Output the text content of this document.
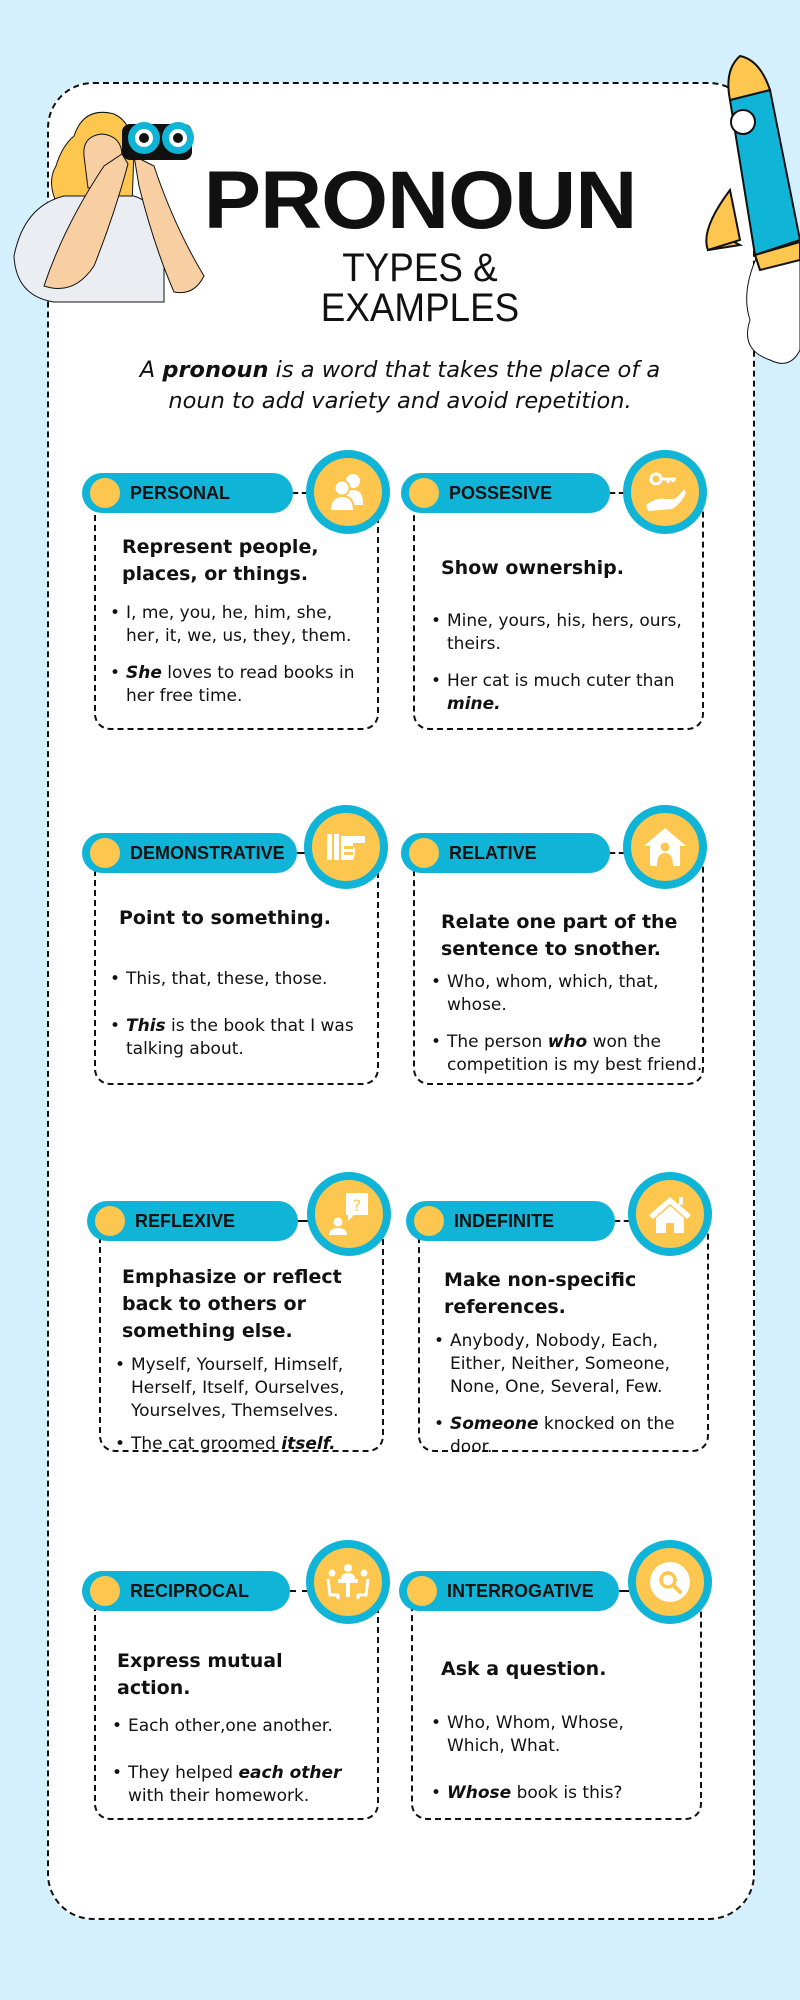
PRONOUN
TYPES & EXAMPLES

A pronoun is a word that takes the place of a noun to add variety and avoid repetition.

PERSONAL
Represent people, places, or things.
• I, me, you, he, him, she, her, it, we, us, they, them.
• She loves to read books in her free time.
POSSESIVE
Show ownership.
• Mine, yours, his, hers, ours, theirs.
• Her cat is much cuter than mine.
DEMONSTRATIVE
Point to something.
• This, that, these, those.
• This is the book that I was talking about.
RELATIVE
Relate one part of the sentence to snother.
• Who, whom, which, that, whose.
• The person who won the competition is my best friend.
REFLEXIVE
?
Emphasize or reflect back to others or something else.
• Myself, Yourself, Himself, Herself, Itself, Ourselves, Yourselves, Themselves.
• The cat groomed itself.
INDEFINITE
Make non-specific references.
• Anybody, Nobody, Each, Either, Neither, Someone, None, One, Several, Few.
• Someone knocked on the door.
RECIPROCAL
Express mutual action.
• Each other,one another.
• They helped each other with their homework.
INTERROGATIVE
Ask a question.
• Who, Whom, Whose, Which, What.
• Whose book is this?
